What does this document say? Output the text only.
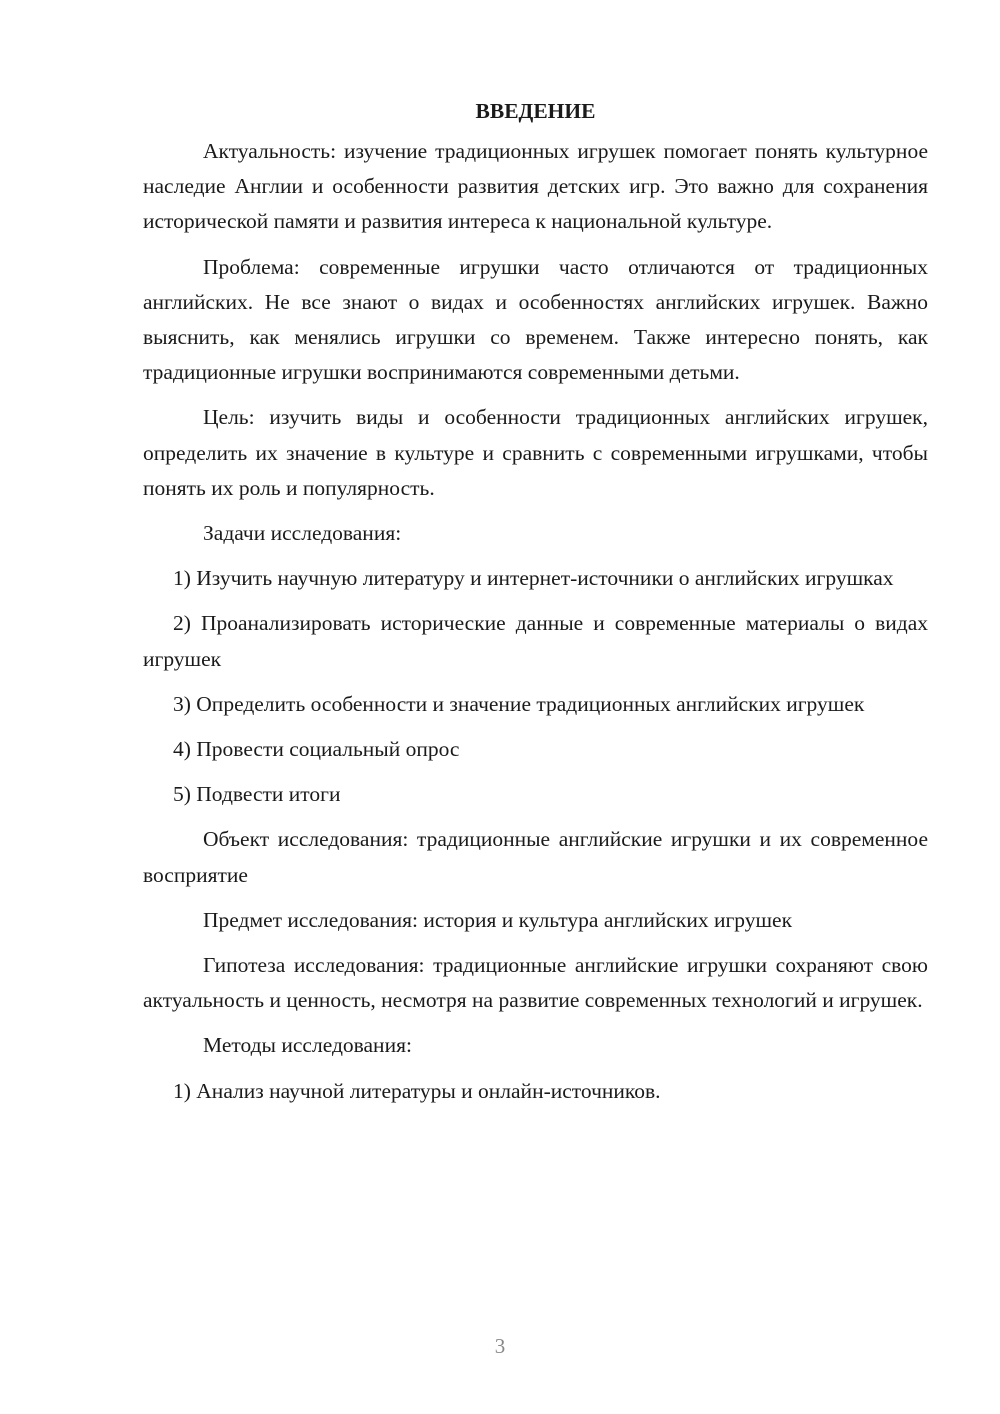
ВВЕДЕНИЕ

Актуальность: изучение традиционных игрушек помогает понять культурное наследие Англии и особенности развития детских игр. Это важно для сохранения исторической памяти и развития интереса к национальной культуре.

Проблема: современные игрушки часто отличаются от традиционных английских. Не все знают о видах и особенностях английских игрушек. Важно выяснить, как менялись игрушки со временем. Также интересно понять, как традиционные игрушки воспринимаются современными детьми.

Цель: изучить виды и особенности традиционных английских игрушек, определить их значение в культуре и сравнить с современными игрушками, чтобы понять их роль и популярность.

Задачи исследования:

1) Изучить научную литературу и интернет-источники о английских игрушках

2) Проанализировать исторические данные и современные материалы о видах игрушек

3) Определить особенности и значение традиционных английских игрушек

4) Провести социальный опрос

5) Подвести итоги

Объект исследования: традиционные английские игрушки и их современное восприятие

Предмет исследования: история и культура английских игрушек

Гипотеза исследования: традиционные английские игрушки сохраняют свою актуальность и ценность, несмотря на развитие современных технологий и игрушек.

Методы исследования:

1) Анализ научной литературы и онлайн-источников.

3
